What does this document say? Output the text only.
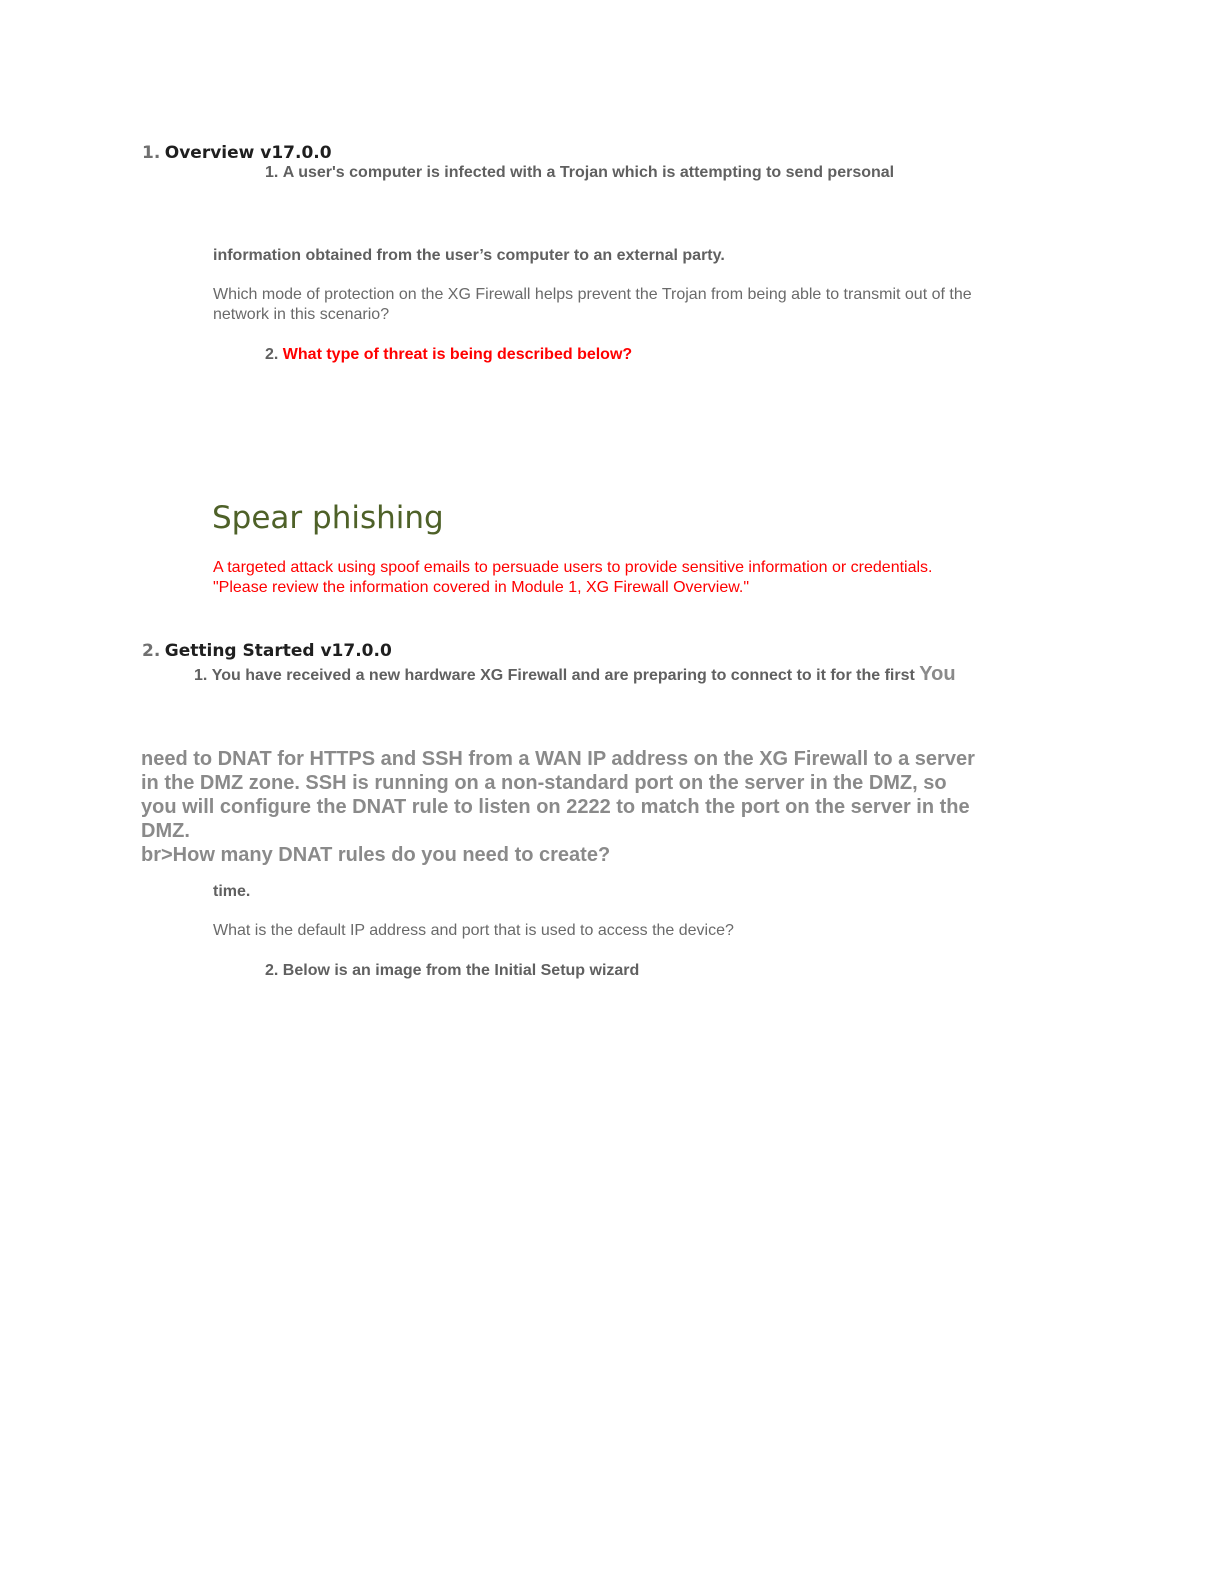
1. Overview v17.0.0
1. A user's computer is infected with a Trojan which is attempting to send personal

information obtained from the user’s computer to an external party.

Which mode of protection on the XG Firewall helps prevent the Trojan from being able to transmit out of the
network in this scenario?
2. What type of threat is being described below?

Spear phishing

A targeted attack using spoof emails to persuade users to provide sensitive information or credentials.
"Please review the information covered in Module 1, XG Firewall Overview."
2. Getting Started v17.0.0
1. You have received a new hardware XG Firewall and are preparing to connect to it for the first You
need to DNAT for HTTPS and SSH from a WAN IP address on the XG Firewall to a server
in the DMZ zone. SSH is running on a non-standard port on the server in the DMZ, so
you will configure the DNAT rule to listen on 2222 to match the port on the server in the
DMZ.
br>How many DNAT rules do you need to create?

time.

What is the default IP address and port that is used to access the device?

2. Below is an image from the Initial Setup wizard
